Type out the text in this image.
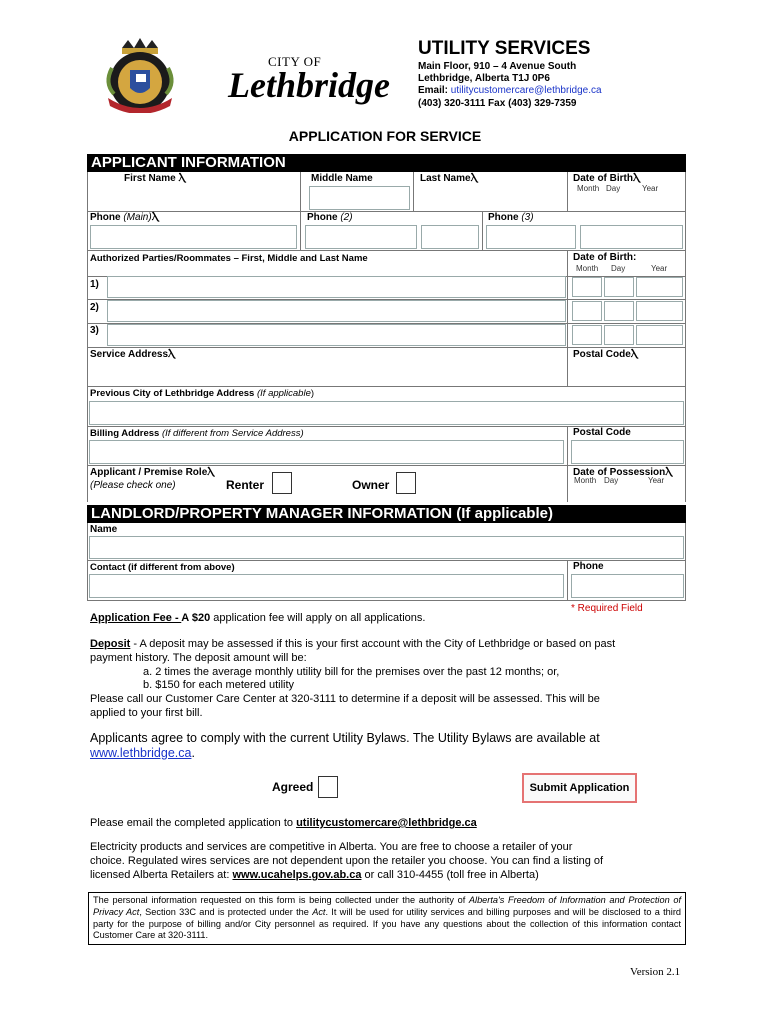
CITY OF
Lethbridge
UTILITY SERVICES
Main Floor, 910 – 4 Avenue South
Lethbridge, Alberta T1J 0P6
Email: utilitycustomercare@lethbridge.ca
(403) 320-3111 Fax (403) 329-7359
APPLICATION FOR SERVICE
APPLICANT INFORMATION
First Name Ⲗ	Middle Name	Last NameⲖ	Date of BirthⲖ
Month Day	Year
Phone (Main)Ⲗ	Phone (2)	Phone (3)
Authorized Parties/Roommates – First, Middle and Last Name	Date of Birth:
Month Day	Year
1)
2)
3)
Service AddressⲖ	Postal CodeⲖ
Previous City of Lethbridge Address (If applicable)
Billing Address (If different from Service Address)	Postal Code
Applicant / Premise RoleⲖ
(Please check one)	Renter	Owner
Date of PossessionⲖ
Month Day	Year
LANDLORD/PROPERTY MANAGER INFORMATION (If applicable)
Name
Contact (if different from above)	Phone
* Required Field
Application Fee - A $20 application fee will apply on all applications.
Deposit - A deposit may be assessed if this is your first account with the City of Lethbridge or based on past
payment history. The deposit amount will be:
a. 2 times the average monthly utility bill for the premises over the past 12 months; or,
b. $150 for each metered utility
Please call our Customer Care Center at 320-3111 to determine if a deposit will be assessed. This will be
applied to your first bill.
Applicants agree to comply with the current Utility Bylaws. The Utility Bylaws are available at
www.lethbridge.ca.
Agreed	Submit Application
Please email the completed application to utilitycustomercare@lethbridge.ca
Electricity products and services are competitive in Alberta. You are free to choose a retailer of your
choice. Regulated wires services are not dependent upon the retailer you choose. You can find a listing of
licensed Alberta Retailers at: www.ucahelps.gov.ab.ca or call 310-4455 (toll free in Alberta)
The personal information requested on this form is being collected under the authority of Alberta's Freedom of Information and Protection of Privacy Act, Section 33C and is protected under the Act. It will be used for utility services and billing purposes and will be disclosed to a third party for the purpose of billing and/or City personnel as required. If you have any questions about the collection of this information contact Customer Care at 320-3111.
Version 2.1
